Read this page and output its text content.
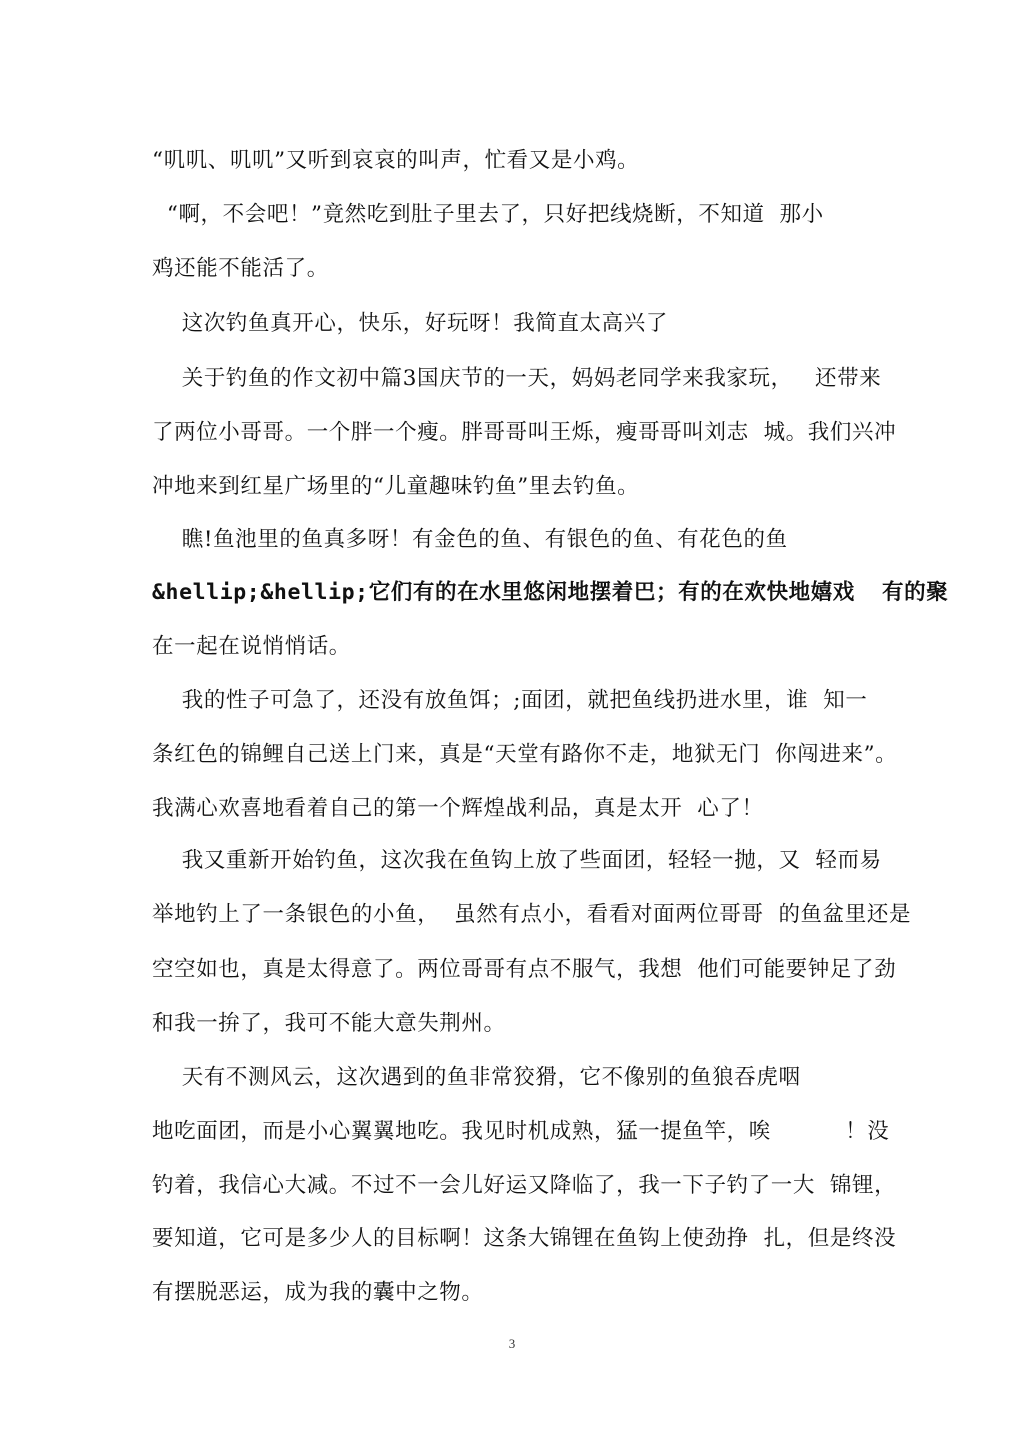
“叽叽、叽叽”又听到哀哀的叫声，忙看又是小鸡。
“啊，不会吧！”竟然吃到肚子里去了，只好把线烧断，不知道  那小
鸡还能不能活了。
这次钓鱼真开心，快乐，好玩呀！我简直太高兴了
关于钓鱼的作文初中篇3国庆节的一天，妈妈老同学来我家玩，   还带来
了两位小哥哥。一个胖一个瘦。胖哥哥叫王烁，瘦哥哥叫刘志  城。我们兴冲
冲地来到红星广场里的“儿童趣味钓鱼”里去钓鱼。
瞧!鱼池里的鱼真多呀！有金色的鱼、有银色的鱼、有花色的鱼
&hellip;&hellip;它们有的在水里悠闲地摆着巴；有的在欢快地嬉戏  有的聚
在一起在说悄悄话。
我的性子可急了，还没有放鱼饵；;面团，就把鱼线扔进水里，谁  知一
条红色的锦鲤自己送上门来，真是“天堂有路你不走，地狱无门  你闯进来”。
我满心欢喜地看着自己的第一个辉煌战利品，真是太开  心了！
我又重新开始钓鱼，这次我在鱼钩上放了些面团，轻轻一抛，又  轻而易
举地钓上了一条银色的小鱼，  虽然有点小，看看对面两位哥哥  的鱼盆里还是
空空如也，真是太得意了。两位哥哥有点不服气，我想  他们可能要钟足了劲
和我一拚了，我可不能大意失荆州。
天有不测风云，这次遇到的鱼非常狡猾，它不像别的鱼狼吞虎咽
地吃面团，而是小心翼翼地吃。我见时机成熟，猛一提鱼竿，唉          ！没
钓着，我信心大减。不过不一会儿好运又降临了，我一下子钓了一大  锦锂，
要知道，它可是多少人的目标啊！这条大锦锂在鱼钩上使劲挣  扎，但是终没
有摆脱恶运，成为我的囊中之物。
3
